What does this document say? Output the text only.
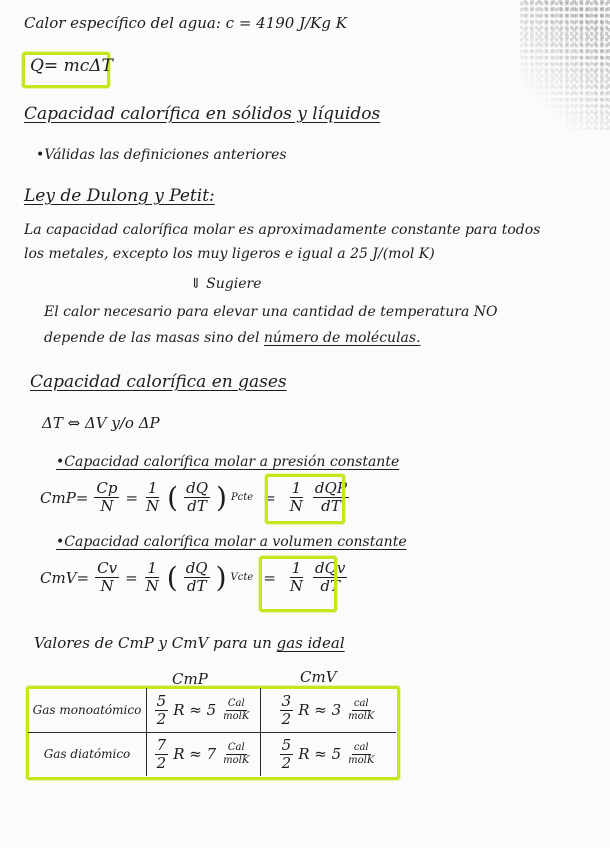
Calor específico del agua: c = 4190 J/Kg K
Q= mcΔT
Capacidad calorífica en sólidos y líquidos
•Válidas las definiciones anteriores
Ley de Dulong y Petit:
La capacidad calorífica molar es aproximadamente constante para todos
los metales, excepto los muy ligeros e igual a 25 J/(mol K)
⇓ Sugiere
El calor necesario para elevar una cantidad de temperatura NO
depende de las masas sino del número de moléculas.
Capacidad calorífica en gases
ΔT ⇔ ΔV y/o ΔP
•Capacidad calorífica molar a presión constante
$CmP= \frac{Cp}{N} = \frac{1}{N}$ ( $\frac{dQ}{dT}$ ) Pcte = $\frac{1}{N} \frac{\text{dQP}}{dT}$
•Capacidad calorífica molar a volumen constante
$CmV= \frac{Cv}{N} = \frac{1}{N}$ ( $\frac{dQ}{dT}$ ) Vcte = $\frac{1}{N} \frac{\text{dQv}}{dT}$
Valores de CmP y CmV para un gas ideal
CmP	CmV
Gas monoatómico $\frac{5}{2}$ $R \approx 5 \frac{\text{Cal}}{\text{molK}} \frac{3}{2}$ $R \approx 3 \frac{\text{cal}}{\text{molK}}$
Gas diatómico	$\frac{7}{2}$ $R \approx 7 \frac{\text{Cal}}{\text{molK}} \frac{5}{2}$ $R \approx 5 \frac{\text{cal}}{\text{molK}}$
